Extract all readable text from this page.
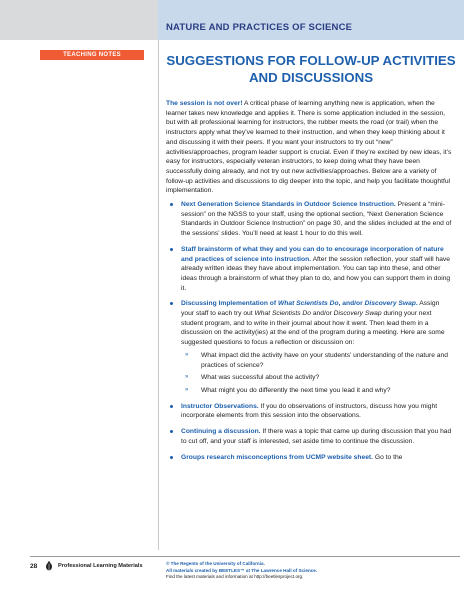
NATURE AND PRACTICES OF SCIENCE
TEACHING NOTES	SUGGESTIONS FOR FOLLOW-UP ACTIVITIES
AND DISCUSSIONS

The session is not over! A critical phase of learning anything new is application, when the learner takes new knowledge and applies it. There is some application included in the session, but with all professional learning for instructors, the rubber meets the road (or trail) when the instructors apply what they’ve learned to their instruction, and when they keep thinking about it and discussing it with their peers. If you want your instructors to try out “new” activities/approaches, program leader support is crucial. Even if they’re excited by new ideas, it’s easy for instructors, especially veteran instructors, to keep doing what they have been successfully doing already, and not try out new activities/approaches. Below are a variety of follow-up activities and discussions to dig deeper into the topic, and help you facilitate thoughtful implementation.

Next Generation Science Standards in Outdoor Science Instruction. Present a “mini-session” on the NGSS to your staff, using the optional section, “Next Generation Science Standards in Outdoor Science Instruction” on page 30, and the slides included at the end of the sessions’ slides. You’ll need at least 1 hour to do this well.
Staff brainstorm of what they and you can do to encourage incorporation of nature and practices of science into instruction. After the session reflection, your staff will have already written ideas they have about implementation. You can tap into these, and other ideas through a brainstorm of what they plan to do, and how you can support them in doing it.
Discussing Implementation of What Scientists Do, and/or Discovery Swap. Assign your staff to each try out What Scientists Do and/or Discovery Swap during your next student program, and to write in their journal about how it went. Then lead them in a discussion on the activity(ies) at the end of the program during a meeting. Here are some suggested questions to focus a reflection or discussion on:
» What impact did the activity have on your students’ understanding of the nature and practices of science?
» What was successful about the activity?
» What might you do differently the next time you lead it and why?
Instructor Observations. If you do observations of instructors, discuss how you might incorporate elements from this session into the observations.
Continuing a discussion. If there was a topic that came up during discussion that you had to cut off, and your staff is interested, set aside time to continue the discussion.
Groups research misconceptions from UCMP website sheet. Go to the
28	Professional Learning Materials	© The Regents of the University of California.
All materials created by BEETLES™ at The Lawrence Hall of Science.
Find the latest materials and information at http://beetlesproject.org.
